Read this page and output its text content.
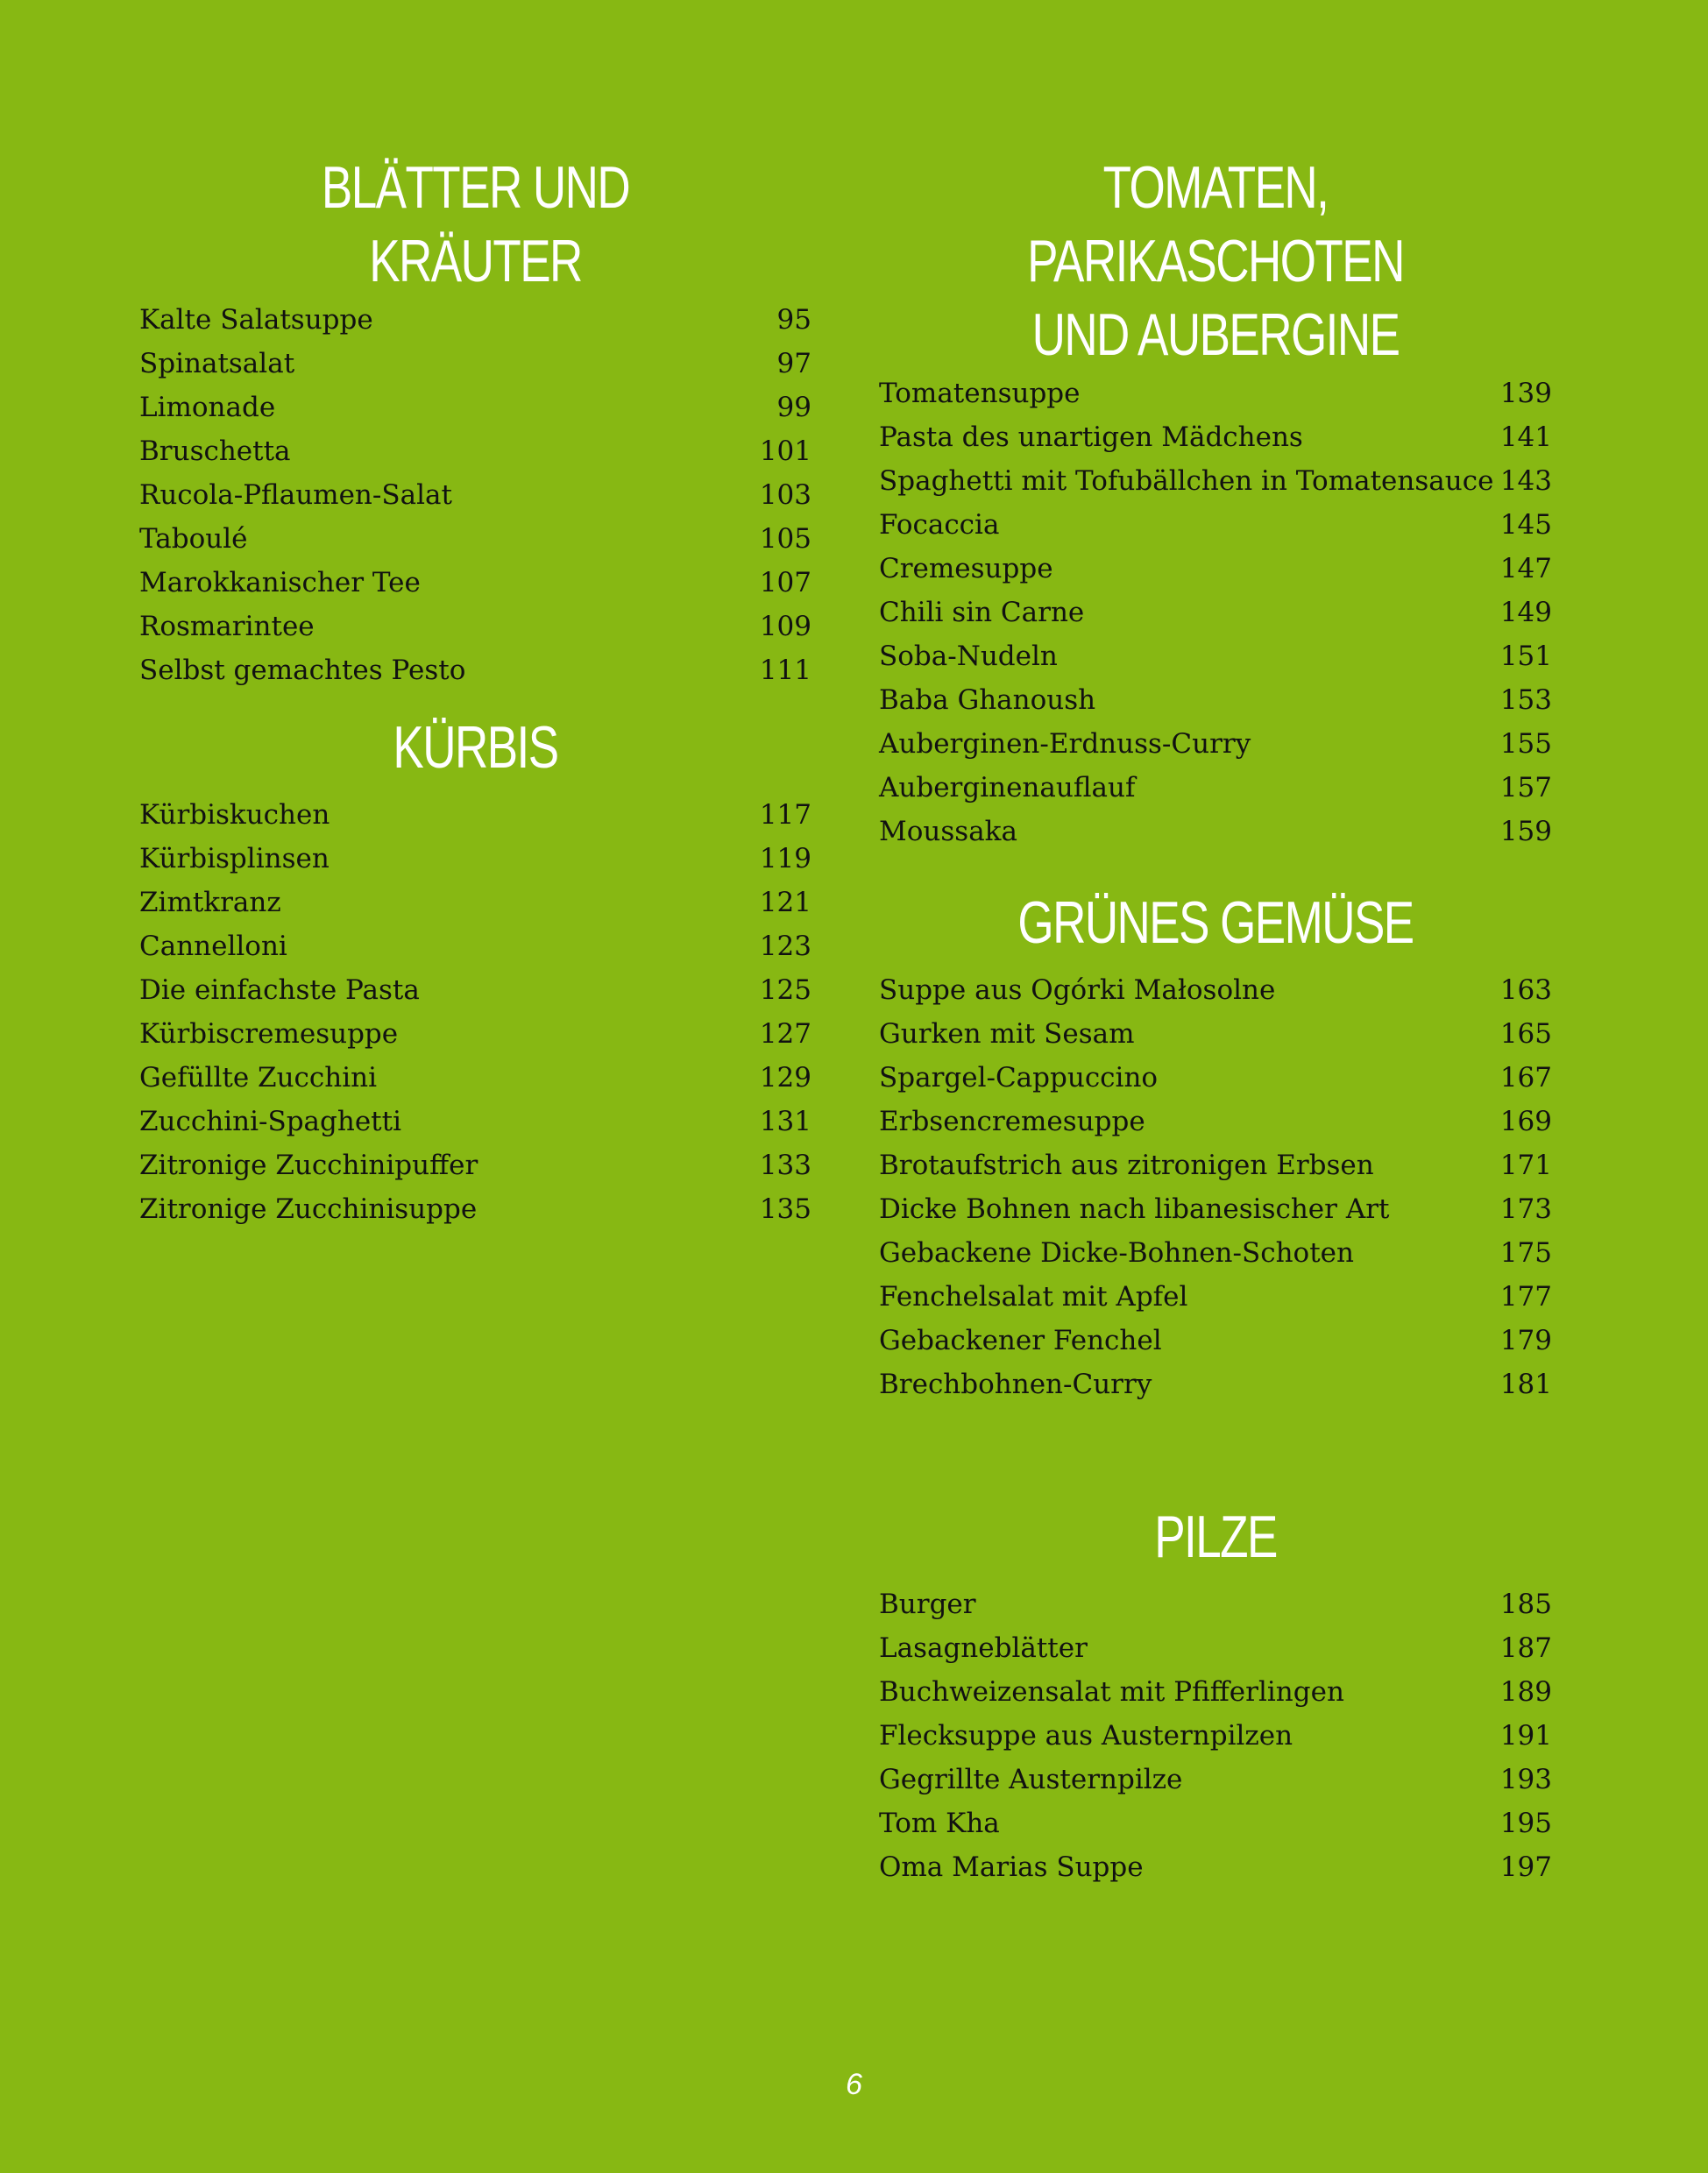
BLÄTTER UND KRÄUTER
Kalte Salatsuppe	95
Spinatsalat	97
Limonade	99
Bruschetta	101
Rucola-Pflaumen-Salat	103
Taboulé	105
Marokkanischer Tee	107
Rosmarintee	109
Selbst gemachtes Pesto	111
KÜRBIS
Kürbiskuchen	117
Kürbisplinsen	119
Zimtkranz	121
Cannelloni	123
Die einfachste Pasta	125
Kürbiscremesuppe	127
Gefüllte Zucchini	129
Zucchini-Spaghetti	131
Zitronige Zucchinipuffer	133
Zitronige Zucchinisuppe	135
TOMATEN, PARIKASCHOTEN
UND AUBERGINE
Tomatensuppe	139
Pasta des unartigen Mädchens	141
Spaghetti mit Tofubällchen in Tomatensauce 143
Focaccia	145
Cremesuppe	147
Chili sin Carne	149
Soba-Nudeln	151
Baba Ghanoush	153
Auberginen-Erdnuss-Curry	155
Auberginenauflauf	157
Moussaka	159
GRÜNES GEMÜSE
Suppe aus Ogórki Małosolne	163
Gurken mit Sesam	165
Spargel-Cappuccino	167
Erbsencremesuppe	169
Brotaufstrich aus zitronigen Erbsen	171
Dicke Bohnen nach libanesischer Art	173
Gebackene Dicke-Bohnen-Schoten	175
Fenchelsalat mit Apfel	177
Gebackener Fenchel	179
Brechbohnen-Curry	181
PILZE
Burger	185
Lasagneblätter	187
Buchweizensalat mit Pfifferlingen	189
Flecksuppe aus Austernpilzen	191
Gegrillte Austernpilze	193
Tom Kha	195
Oma Marias Suppe	197
6
